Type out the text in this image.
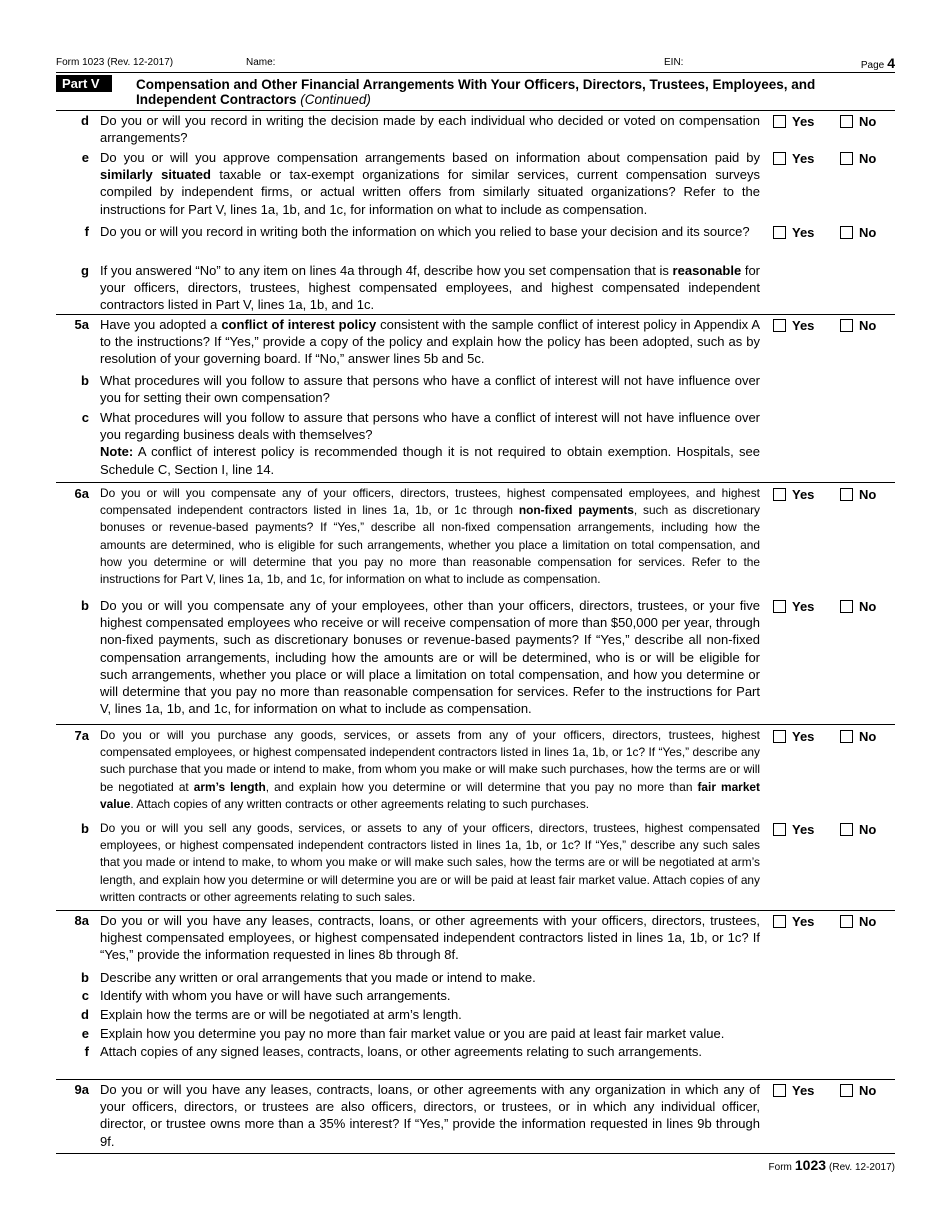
Form 1023 (Rev. 12-2017)	Name:	EIN:	Page 4
Part V	Compensation and Other Financial Arrangements With Your Officers, Directors, Trustees, Employees, and Independent Contractors (Continued)
d Do you or will you record in writing the decision made by each individual who decided or voted on compensation arrangements?
Yes	No
e Do you or will you approve compensation arrangements based on information about compensation paid by similarly situated taxable or tax-exempt organizations for similar services, current compensation surveys compiled by independent firms, or actual written offers from similarly situated organizations? Refer to the instructions for Part V, lines 1a, 1b, and 1c, for information on what to include as compensation.
Yes	No
f Do you or will you record in writing both the information on which you relied to base your decision and its source?	Yes	No
g If you answered “No” to any item on lines 4a through 4f, describe how you set compensation that is reasonable for your officers, directors, trustees, highest compensated employees, and highest compensated independent contractors listed in Part V, lines 1a, 1b, and 1c.
5a Have you adopted a conflict of interest policy consistent with the sample conflict of interest policy in Appendix A to the instructions? If “Yes,” provide a copy of the policy and explain how the policy has been adopted, such as by resolution of your governing board. If “No,” answer lines 5b and 5c.
Yes	No
b What procedures will you follow to assure that persons who have a conflict of interest will not have influence over you for setting their own compensation?
c What procedures will you follow to assure that persons who have a conflict of interest will not have influence over you regarding business deals with themselves?
Note: A conflict of interest policy is recommended though it is not required to obtain exemption. Hospitals, see Schedule C, Section I, line 14.
6a Do you or will you compensate any of your officers, directors, trustees, highest compensated employees, and highest compensated independent contractors listed in lines 1a, 1b, or 1c through non-fixed payments, such as discretionary bonuses or revenue-based payments? If “Yes,” describe all non-fixed compensation arrangements, including how the amounts are determined, who is eligible for such arrangements, whether you place a limitation on total compensation, and how you determine or will determine that you pay no more than reasonable compensation for services. Refer to the instructions for Part V, lines 1a, 1b, and 1c, for information on what to include as compensation.
Yes	No
b Do you or will you compensate any of your employees, other than your officers, directors, trustees, or your five highest compensated employees who receive or will receive compensation of more than $50,000 per year, through non-fixed payments, such as discretionary bonuses or revenue-based payments? If “Yes,” describe all non-fixed compensation arrangements, including how the amounts are or will be determined, who is or will be eligible for such arrangements, whether you place or will place a limitation on total compensation, and how you determine or will determine that you pay no more than reasonable compensation for services. Refer to the instructions for Part V, lines 1a, 1b, and 1c, for information on what to include as compensation.
Yes	No
7a Do you or will you purchase any goods, services, or assets from any of your officers, directors, trustees, highest compensated employees, or highest compensated independent contractors listed in lines 1a, 1b, or 1c? If “Yes,” describe any such purchase that you made or intend to make, from whom you make or will make such purchases, how the terms are or will be negotiated at arm’s length, and explain how you determine or will determine that you pay no more than fair market value. Attach copies of any written contracts or other agreements relating to such purchases.
Yes	No
b Do you or will you sell any goods, services, or assets to any of your officers, directors, trustees, highest compensated employees, or highest compensated independent contractors listed in lines 1a, 1b, or 1c? If “Yes,” describe any such sales that you made or intend to make, to whom you make or will make such sales, how the terms are or will be negotiated at arm’s length, and explain how you determine or will determine you are or will be paid at least fair market value. Attach copies of any written contracts or other agreements relating to such sales.
Yes	No
8a Do you or will you have any leases, contracts, loans, or other agreements with your officers, directors, trustees, highest compensated employees, or highest compensated independent contractors listed in lines 1a, 1b, or 1c? If “Yes,” provide the information requested in lines 8b through 8f.
Yes	No
b Describe any written or oral arrangements that you made or intend to make.
c Identify with whom you have or will have such arrangements.
d Explain how the terms are or will be negotiated at arm’s length.
e Explain how you determine you pay no more than fair market value or you are paid at least fair market value.
f Attach copies of any signed leases, contracts, loans, or other agreements relating to such arrangements.
9a Do you or will you have any leases, contracts, loans, or other agreements with any organization in which any of your officers, directors, or trustees are also officers, directors, or trustees, or in which any individual officer, director, or trustee owns more than a 35% interest? If “Yes,” provide the information requested in lines 9b through 9f.
Yes	No
Form 1023 (Rev. 12-2017)
